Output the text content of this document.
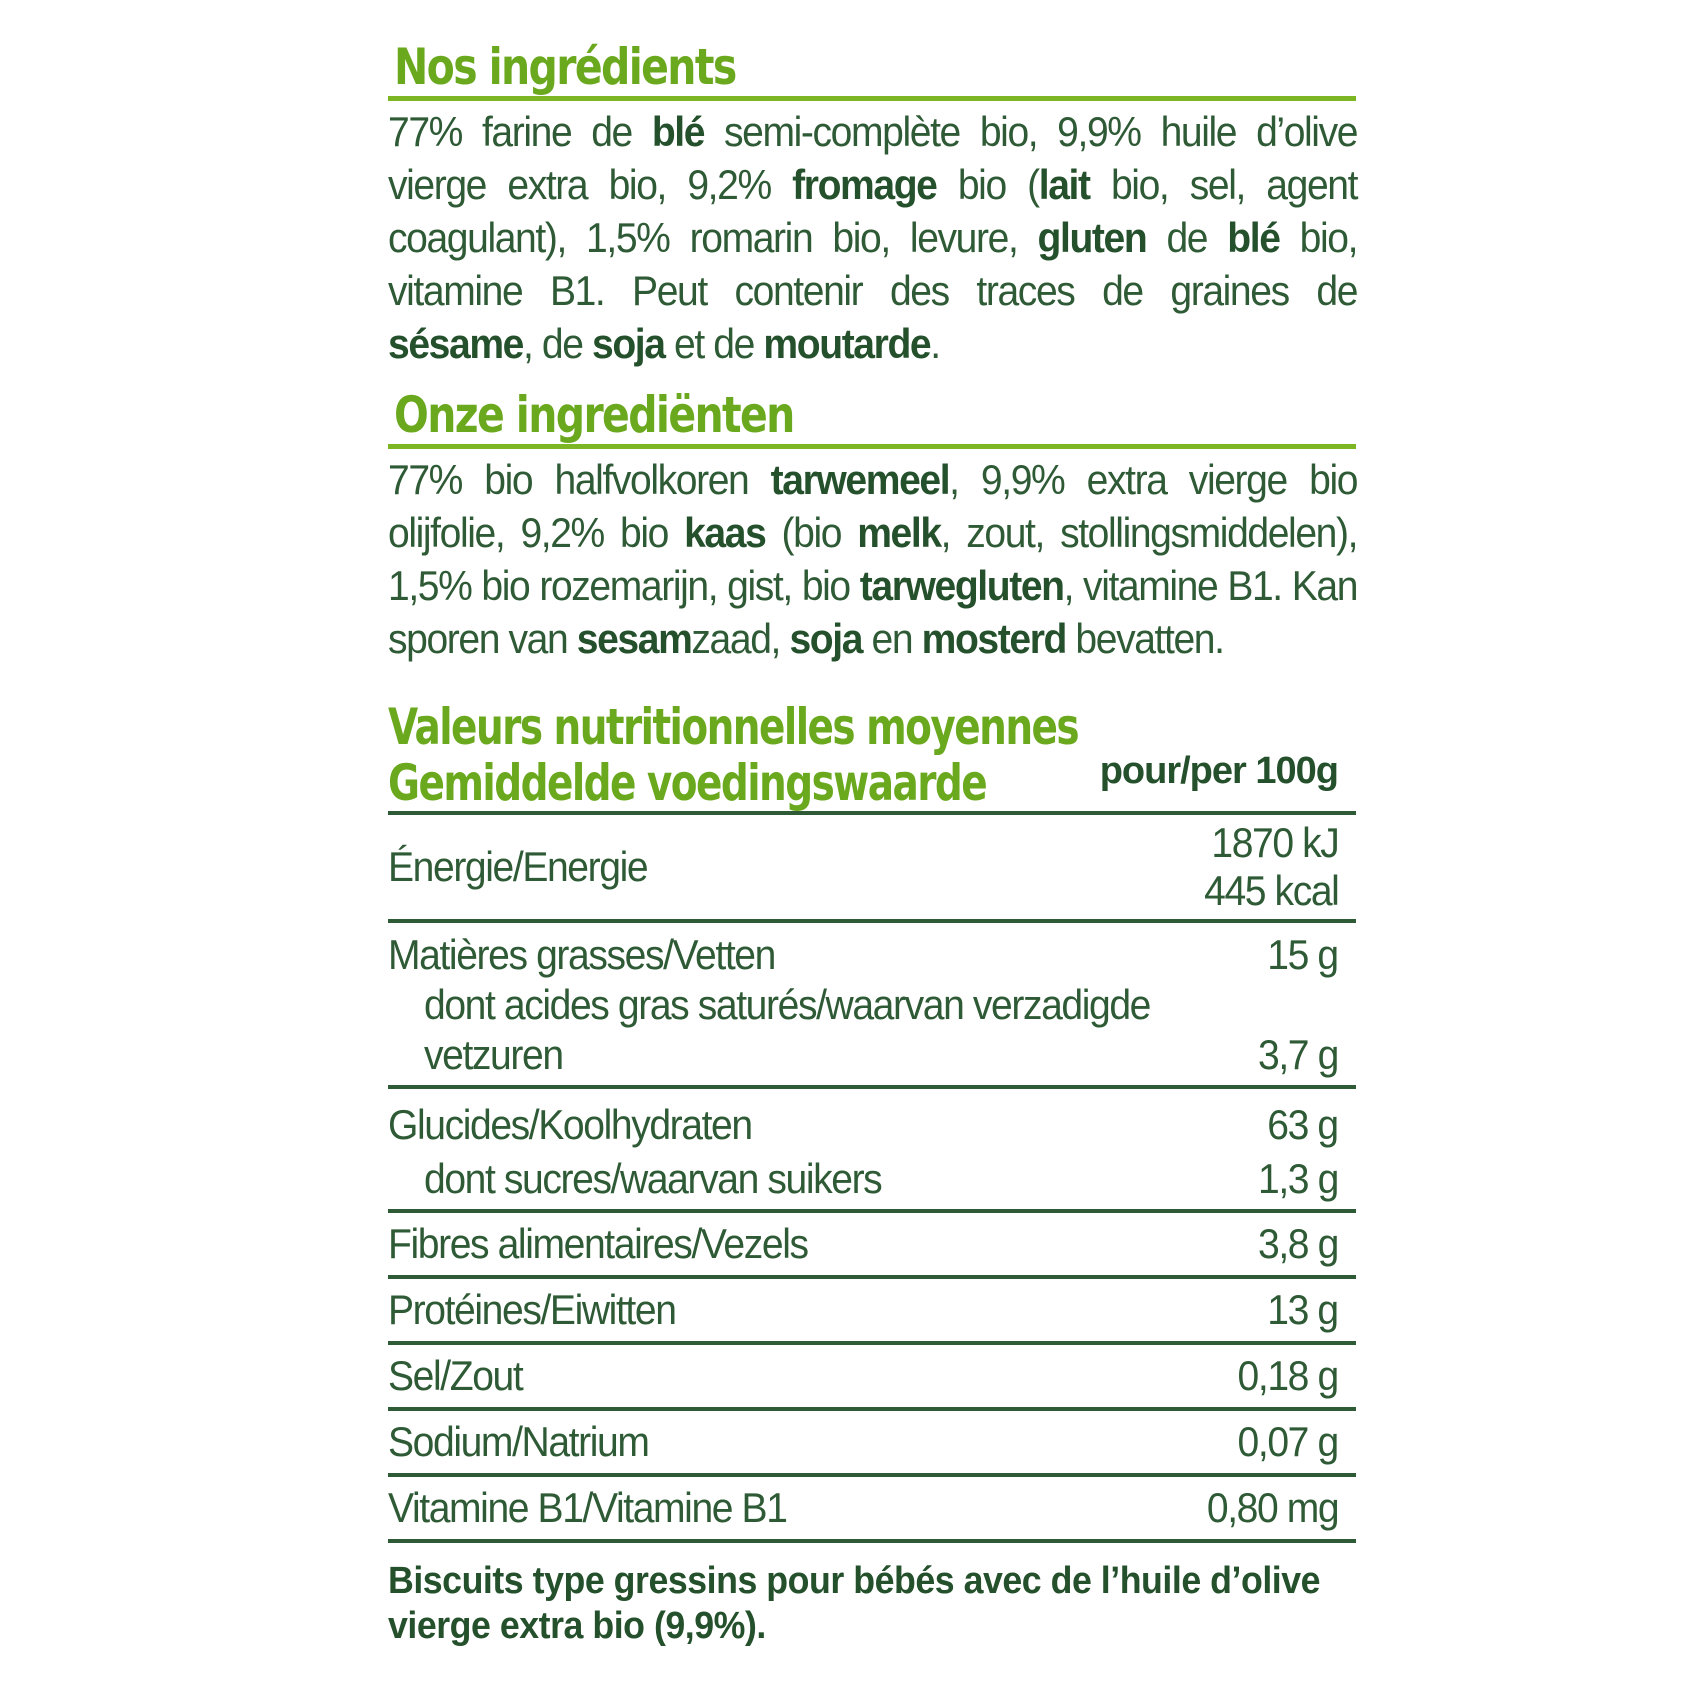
Nos ingrédients
77% farine de blé semi-complète bio, 9,9% huile d’olive vierge extra bio, 9,2% fromage bio (lait bio, sel, agent coagulant), 1,5% romarin bio, levure, gluten de blé bio, vitamine B1. Peut contenir des traces de graines de sésame, de soja et de moutarde.
Onze ingrediënten
77% bio halfvolkoren tarwemeel, 9,9% extra vierge bio olijfolie, 9,2% bio kaas (bio melk, zout, stollingsmiddelen), 1,5% bio rozemarijn, gist, bio tarwegluten, vitamine B1. Kan sporen van sesamzaad, soja en mosterd bevatten.
Valeurs nutritionnelles moyennes
Gemiddelde voedingswaarde	pour/per 100g
Énergie/Energie
1870 kJ
445 kcal
Matières grasses/Vetten	15 g
dont acides gras saturés/waarvan verzadigde
vetzuren	3,7 g
Glucides/Koolhydraten	63 g
dont sucres/waarvan suikers	1,3 g
Fibres alimentaires/Vezels	3,8 g
Protéines/Eiwitten	13 g
Sel/Zout	0,18 g
Sodium/Natrium	0,07 g
Vitamine B1/Vitamine B1	0,80 mg
Biscuits type gressins pour bébés avec de l’huile d’olive vierge extra bio (9,9%).
